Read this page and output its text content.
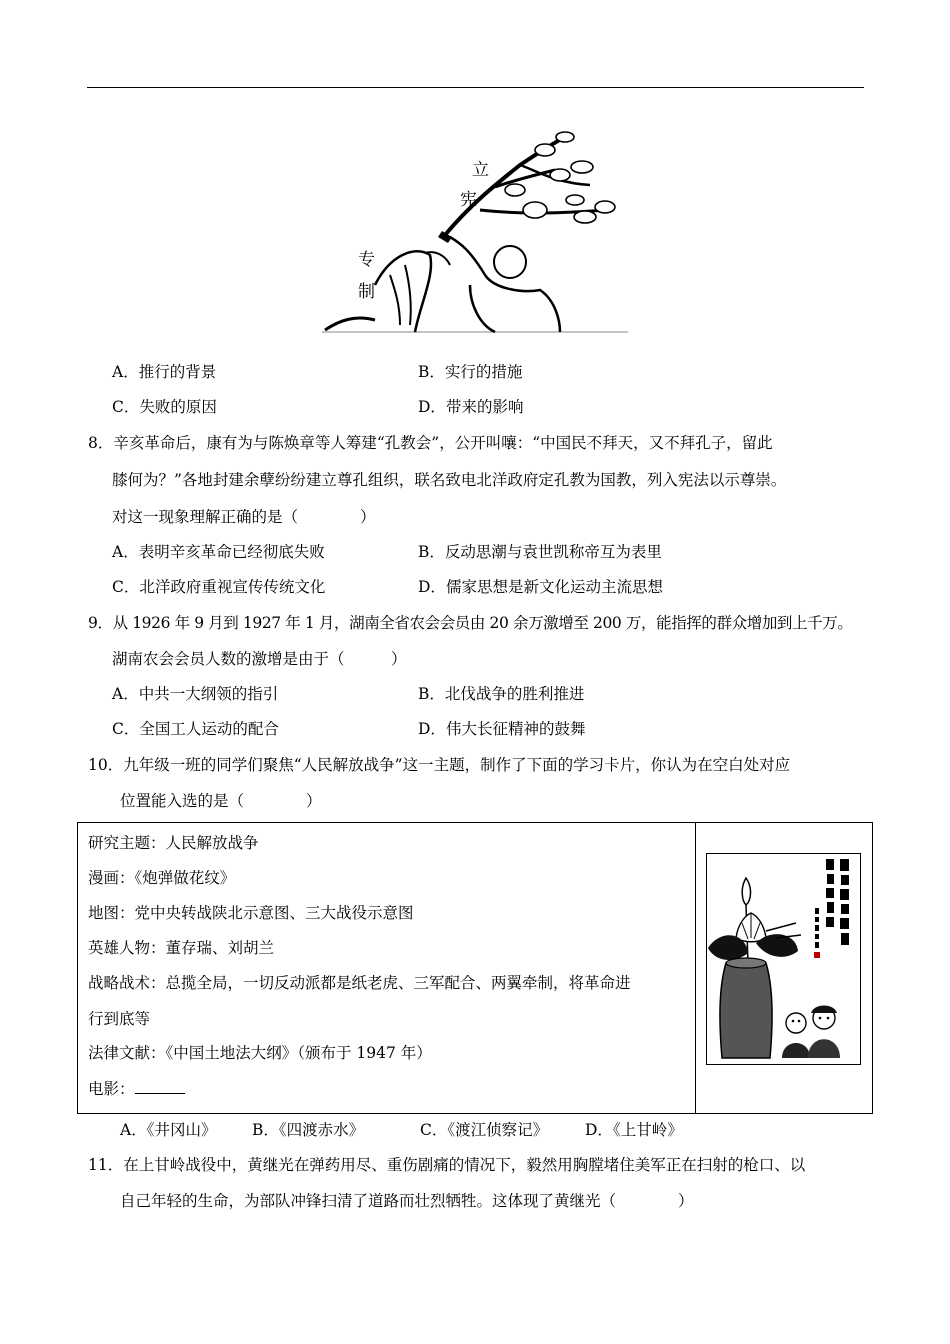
立
宪
专
制
A．推行的背景	B．实行的措施
C．失败的原因	D．带来的影响
8．辛亥革命后，康有为与陈焕章等人筹建“孔教会”，公开叫嚷：“中国民不拜天，又不拜孔子，留此
膝何为？”各地封建余孽纷纷建立尊孔组织，联名致电北洋政府定孔教为国教，列入宪法以示尊崇。
对这一现象理解正确的是（　　　　）
A．表明辛亥革命已经彻底失败	B．反动思潮与袁世凯称帝互为表里
C．北洋政府重视宣传传统文化	D．儒家思想是新文化运动主流思想
9．从 1926 年 9 月到 1927 年 1 月，湖南全省农会会员由 20 余万激增至 200 万，能指挥的群众增加到上千万。
湖南农会会员人数的激增是由于（　　　）
A．中共一大纲领的指引	B．北伐战争的胜利推进
C．全国工人运动的配合	D．伟大长征精神的鼓舞
10．九年级一班的同学们聚焦“人民解放战争”这一主题，制作了下面的学习卡片，你认为在空白处对应
位置能入选的是（　　　　）
研究主题：人民解放战争
漫画：《炮弹做花纹》
地图：党中央转战陕北示意图、三大战役示意图
英雄人物：董存瑞、刘胡兰
战略战术：总揽全局，一切反动派都是纸老虎、三军配合、两翼牵制，将革命进
行到底等
法律文献：《中国土地法大纲》（颁布于 1947 年）
电影：
A．《井冈山》 B．《四渡赤水》	C．《渡江侦察记》 D．《上甘岭》
11．在上甘岭战役中，黄继光在弹药用尽、重伤剧痛的情况下，毅然用胸膛堵住美军正在扫射的枪口、以
自己年轻的生命，为部队冲锋扫清了道路而壮烈牺牲。这体现了黄继光（　　　　）
